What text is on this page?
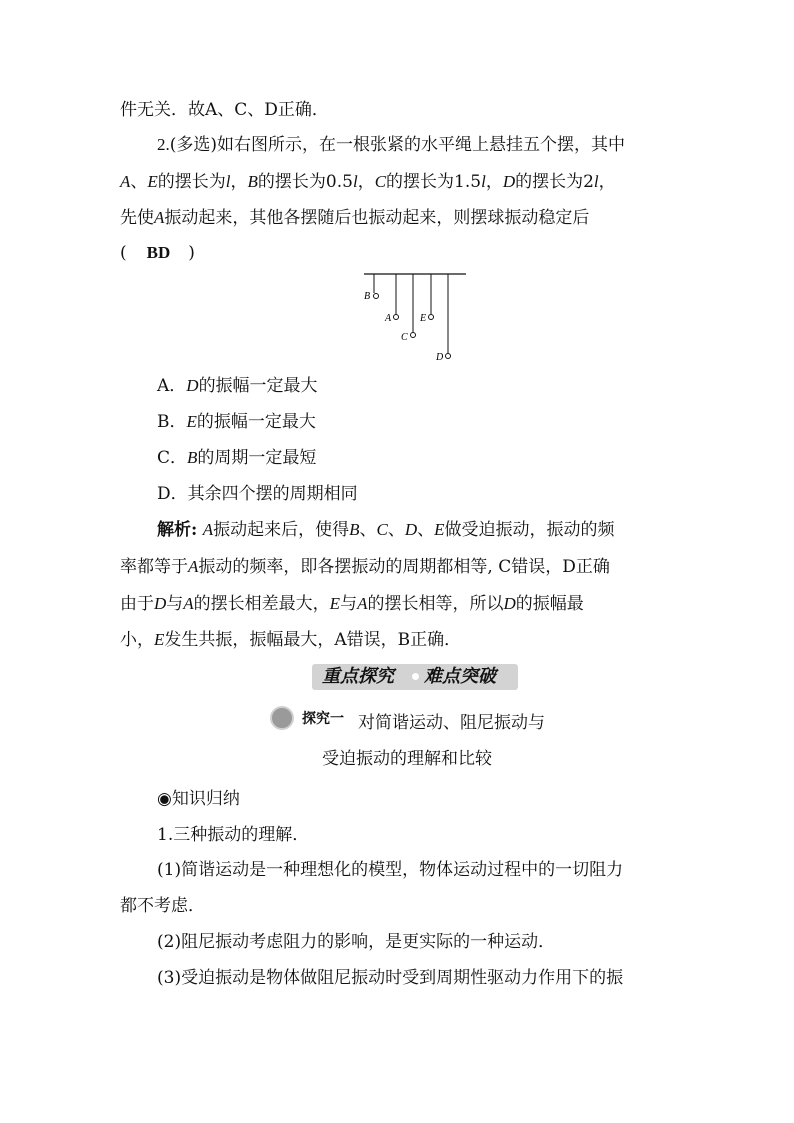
件无关．故A、C、D正确．
2.(多选)如右图所示，在一根张紧的水平绳上悬挂五个摆，其中
A、E的摆长为l，B的摆长为0.5l，C的摆长为1.5l，D的摆长为2l，
先使A振动起来，其他各摆随后也振动起来，则摆球振动稳定后
( BD )
B
A
C
E
D
A．D的振幅一定最大
B．E的振幅一定最大
C．B的周期一定最短
D．其余四个摆的周期相同
解析: A振动起来后，使得B、C、D、E做受迫振动，振动的频
率都等于A振动的频率，即各摆振动的周期都相等, C错误，D正确
由于D与A的摆长相差最大，E与A的摆长相等，所以D的振幅最
小，E发生共振，振幅最大，A错误，B正确．
重点探究 难点突破
探究一 对简谐运动、阻尼振动与
受迫振动的理解和比较
◉知识归纳
1.三种振动的理解．
(1)简谐运动是一种理想化的模型，物体运动过程中的一切阻力
都不考虑．
(2)阻尼振动考虑阻力的影响，是更实际的一种运动．
(3)受迫振动是物体做阻尼振动时受到周期性驱动力作用下的振
